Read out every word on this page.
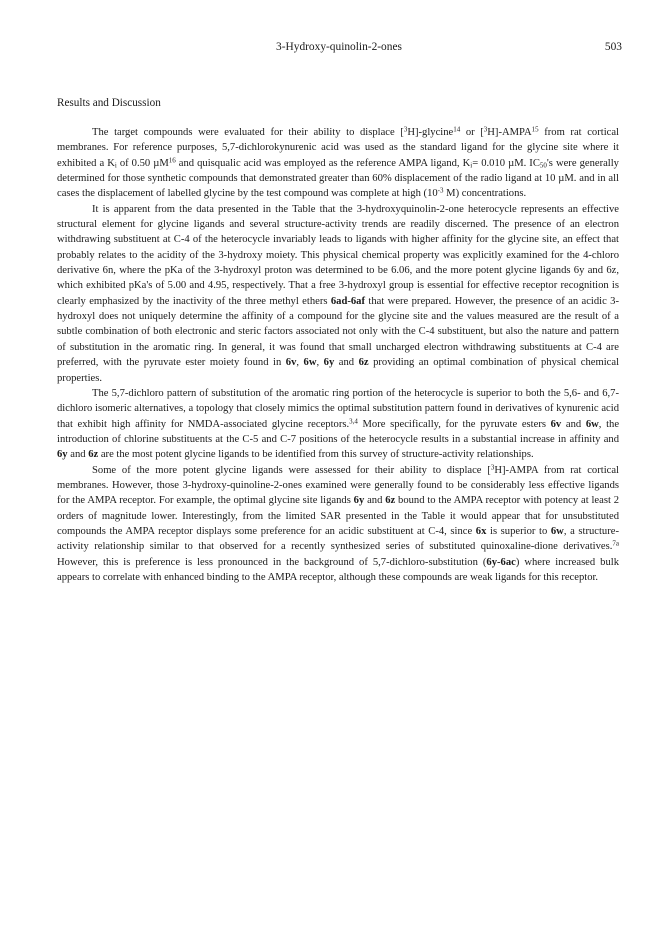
3-Hydroxy-quinolin-2-ones	503
Results and Discussion

The target compounds were evaluated for their ability to displace [$^3$H]-glycine$^{14}$ or [$^3$H]-AMPA$^{15}$ from rat cortical membranes. For reference purposes, 5,7-dichlorokynurenic acid was used as the standard ligand for the glycine site where it exhibited a $K_i$ of 0.50 µM$^{16}$ and quisqualic acid was employed as the reference AMPA ligand, $K_i= 0.010$ µM. $IC_{50}'s$ were generally determined for those synthetic compounds that demonstrated greater than 60% displacement of the radio ligand at 10 µM. and in all cases the displacement of labelled glycine by the test compound was complete at high ($10^{-3}$ M) concentrations.

It is apparent from the data presented in the Table that the 3-hydroxyquinolin-2-one heterocycle represents an effective structural element for glycine ligands and several structure-activity trends are readily discerned. The presence of an electron withdrawing substituent at C-4 of the heterocycle invariably leads to ligands with higher affinity for the glycine site, an effect that probably relates to the acidity of the 3-hydroxy moiety. This physical chemical property was explicitly examined for the 4-chloro derivative 6n, where the pKa of the 3-hydroxyl proton was determined to be 6.06, and the more potent glycine ligands 6y and 6z, which exhibited pKa's of 5.00 and 4.95, respectively. That a free 3-hydroxyl group is essential for effective receptor recognition is clearly emphasized by the inactivity of the three methyl ethers 6ad-6af that were prepared. However, the presence of an acidic 3-hydroxyl does not uniquely determine the affinity of a compound for the glycine site and the values measured are the result of a subtle combination of both electronic and steric factors associated not only with the C-4 substituent, but also the nature and pattern of substitution in the aromatic ring. In general, it was found that small uncharged electron withdrawing substituents at C-4 are preferred, with the pyruvate ester moiety found in 6v, 6w, 6y and 6z providing an optimal combination of physical chemical properties.

The 5,7-dichloro pattern of substitution of the aromatic ring portion of the heterocycle is superior to both the 5,6- and 6,7-dichloro isomeric alternatives, a topology that closely mimics the optimal substitution pattern found in derivatives of kynurenic acid that exhibit high affinity for NMDA-associated glycine receptors.$^{3,4}$ More specifically, for the pyruvate esters 6v and 6w, the introduction of chlorine substituents at the C-5 and C-7 positions of the heterocycle results in a substantial increase in affinity and 6y and 6z are the most potent glycine ligands to be identified from this survey of structure-activity relationships.

Some of the more potent glycine ligands were assessed for their ability to displace [$^3$H]-AMPA from rat cortical membranes. However, those 3-hydroxy-quinoline-2-ones examined were generally found to be considerably less effective ligands for the AMPA receptor. For example, the optimal glycine site ligands 6y and 6z bound to the AMPA receptor with potency at least 2 orders of magnitude lower. Interestingly, from the limited SAR presented in the Table it would appear that for unsubstituted compounds the AMPA receptor displays some preference for an acidic substituent at C-4, since 6x is superior to 6w, a structure-activity relationship similar to that observed for a recently synthesized series of substituted quinoxaline-dione derivatives.$^{7a}$ However, this is preference is less pronounced in the background of 5,7-dichloro-substitution (6y-6ac) where increased bulk appears to correlate with enhanced binding to the AMPA receptor, although these compounds are weak ligands for this receptor.
